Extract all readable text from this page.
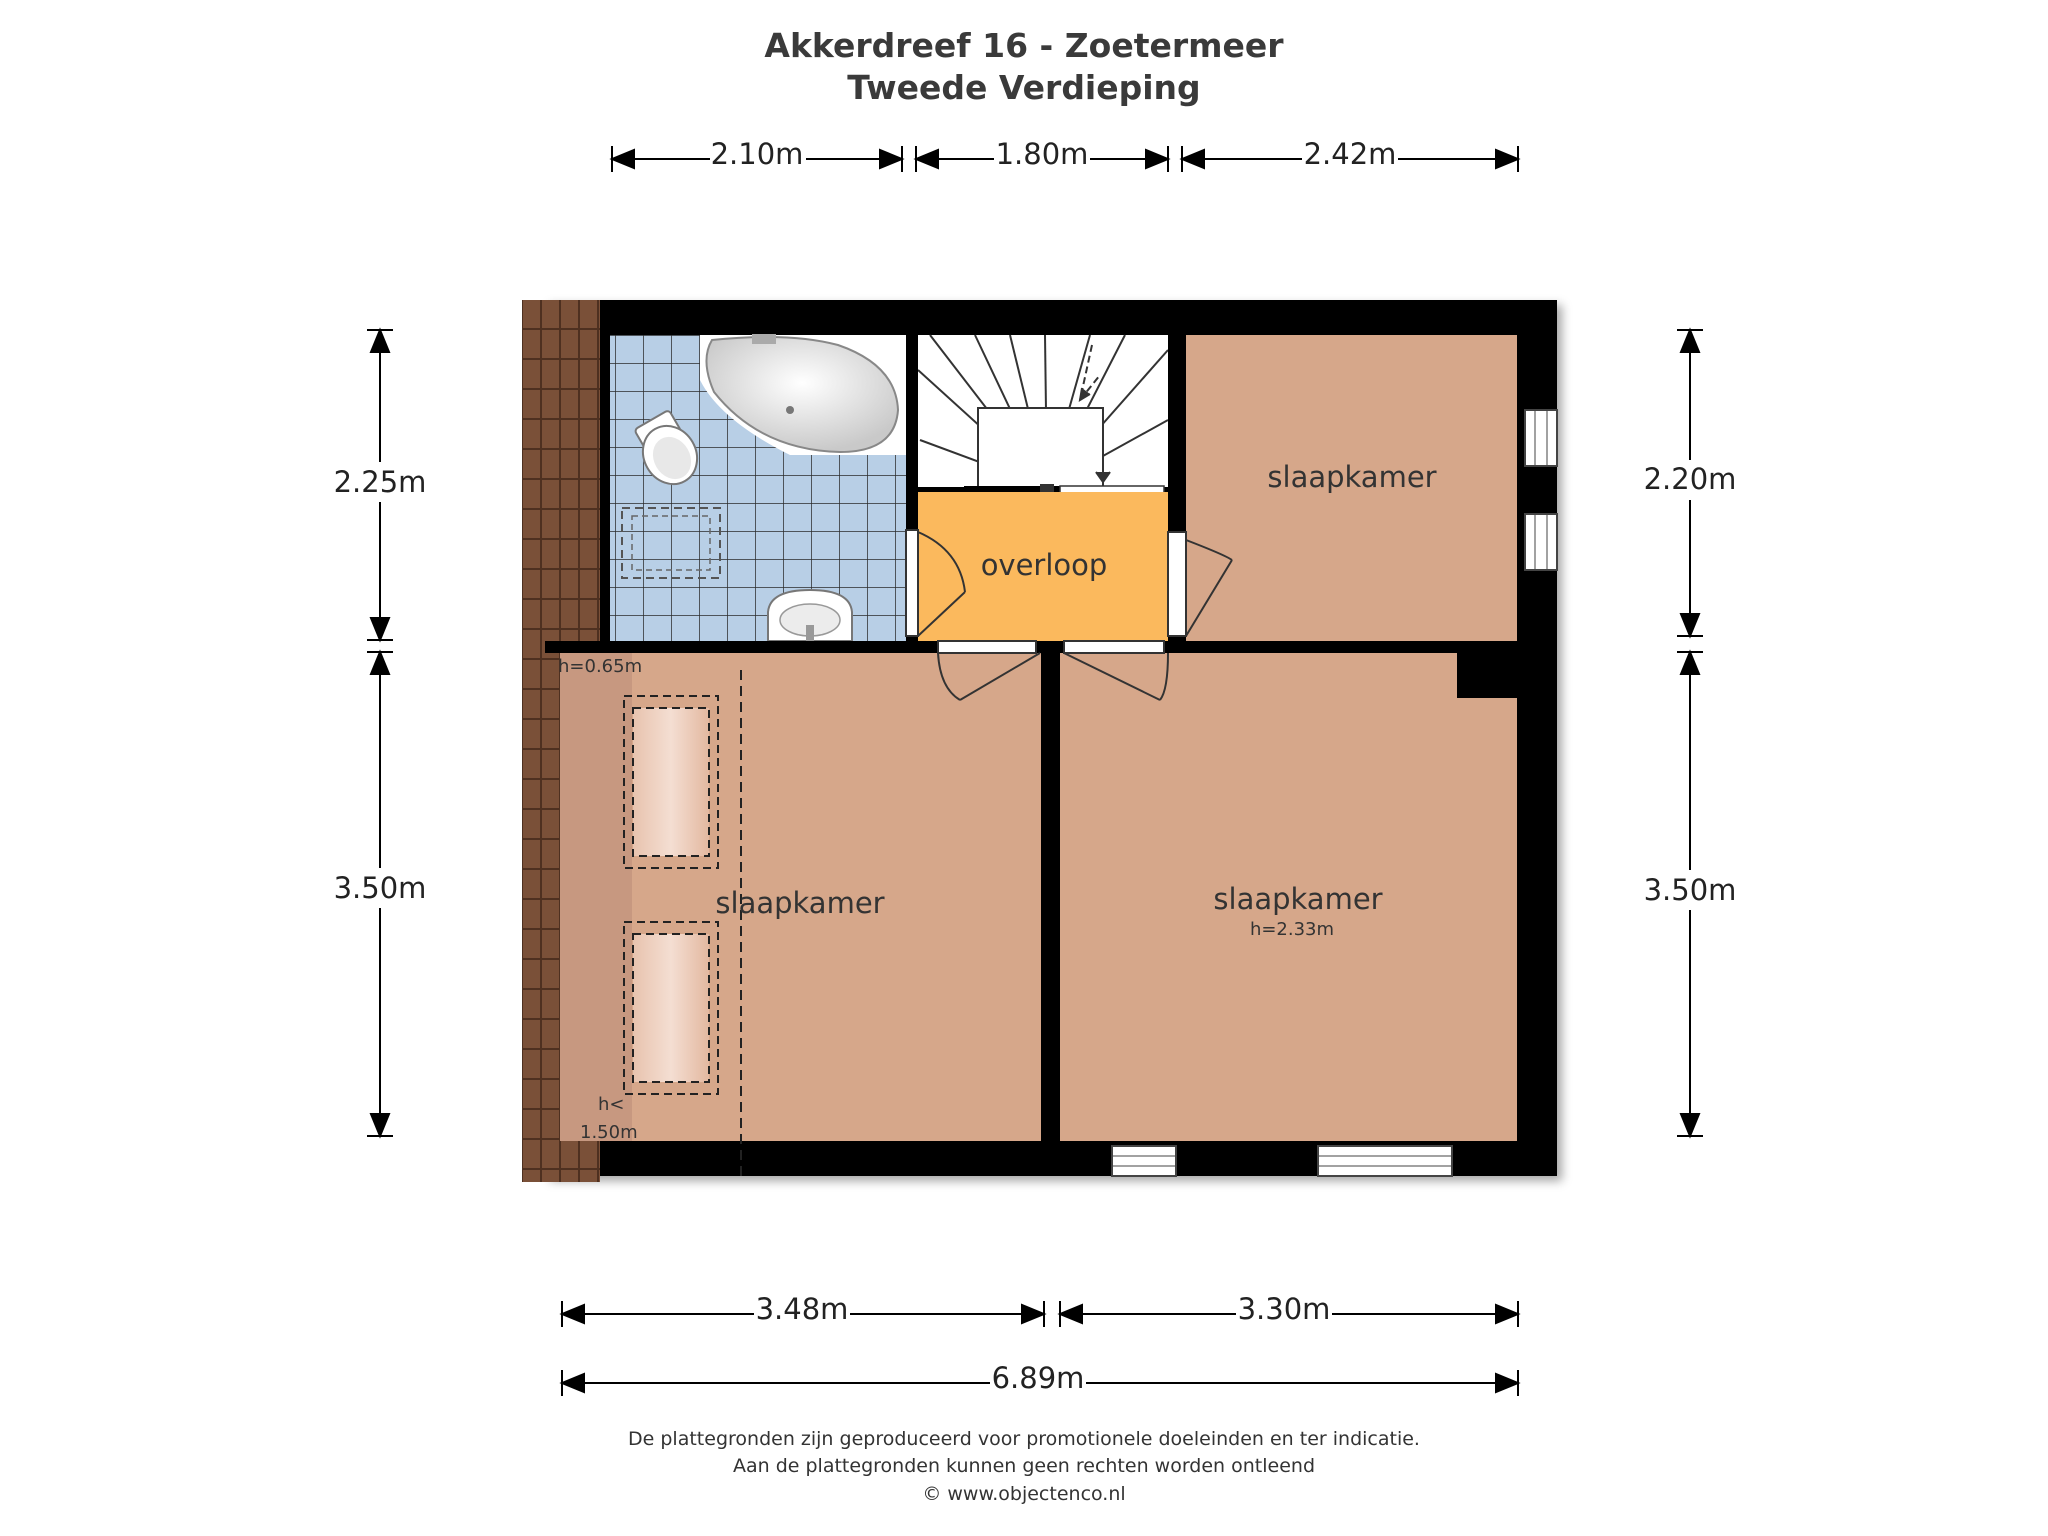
Akkerdreef 16 - Zoetermeer
Tweede Verdieping
overloop
slaapkamer
slaapkamer	slaapkamer
h=2.33m
h=0.65m
h<
1.50m
2.10m	1.80m	2.42m
2.25m
3.50m
2.20m
3.50m
3.48m	3.30m
6.89m
De plattegronden zijn geproduceerd voor promotionele doeleinden en ter indicatie.
Aan de plattegronden kunnen geen rechten worden ontleend
© www.objectenco.nl
